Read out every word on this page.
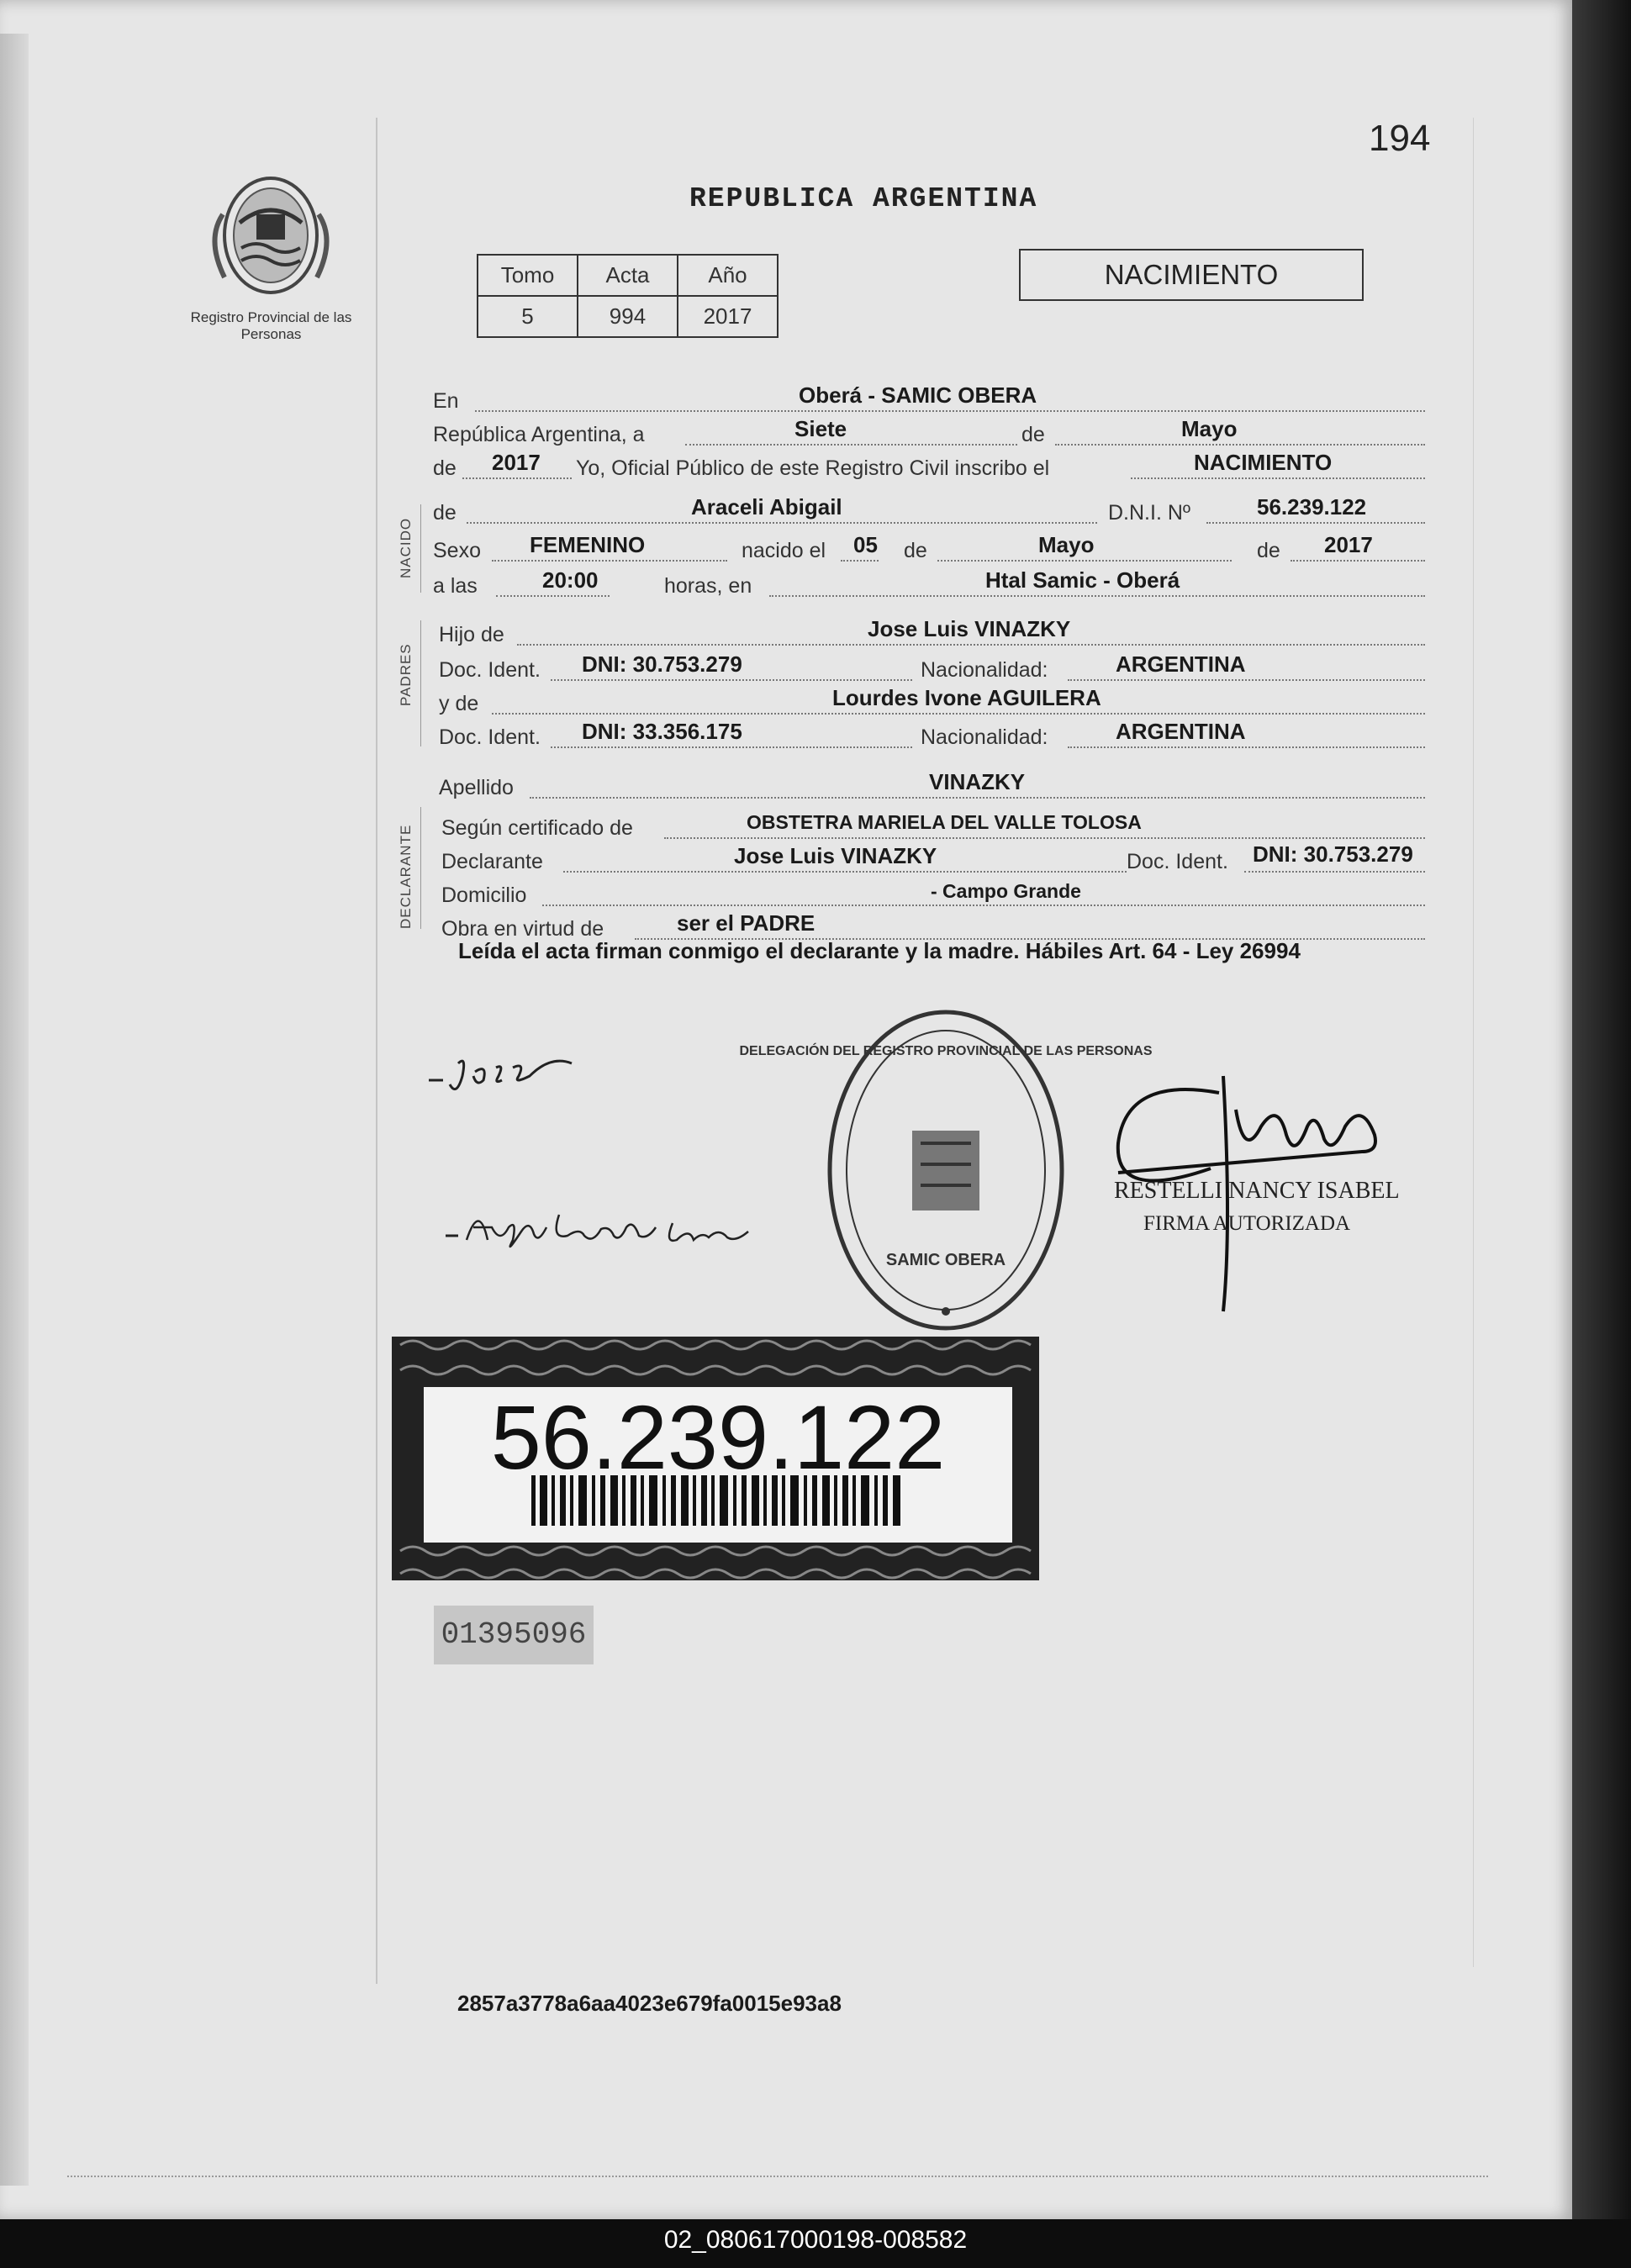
194
Registro Provincial de las Personas
REPUBLICA ARGENTINA
Tomo	Acta	Año
5	994	2017
NACIMIENTO
En	Oberá - SAMIC OBERA
República Argentina, a	Siete	de	Mayo
de 2017 Yo, Oficial Público de este Registro Civil inscribo el	NACIMIENTO
de	Araceli Abigail	D.N.I. Nº	56.239.122
Sexo FEMENINO	nacido el 05 de	Mayo	de 2017
a las	20:00	horas, en	Htal Samic - Oberá
Hijo de	Jose Luis VINAZKY
Doc. Ident. DNI: 30.753.279	Nacionalidad:	ARGENTINA
y de	Lourdes Ivone AGUILERA
Doc. Ident. DNI: 33.356.175	Nacionalidad:	ARGENTINA
Apellido	VINAZKY
Según certificado de	OBSTETRA MARIELA DEL VALLE TOLOSA
Declarante	Jose Luis VINAZKY	Doc. Ident. DNI: 30.753.279
Domicilio	- Campo Grande
Obra en virtud de	ser el PADRE
NACIDO
PADRES
DECLARANTE
Leída el acta firman conmigo el declarante y la madre. Hábiles Art. 64 - Ley 26994
DELEGACIÓN DEL REGISTRO PROVINCIAL DE LAS PERSONAS
SAMIC OBERA
RESTELLI NANCY ISABEL
FIRMA AUTORIZADA
56.239.122
01395096
2857a3778a6aa4023e679fa0015e93a8
02_080617000198-008582
